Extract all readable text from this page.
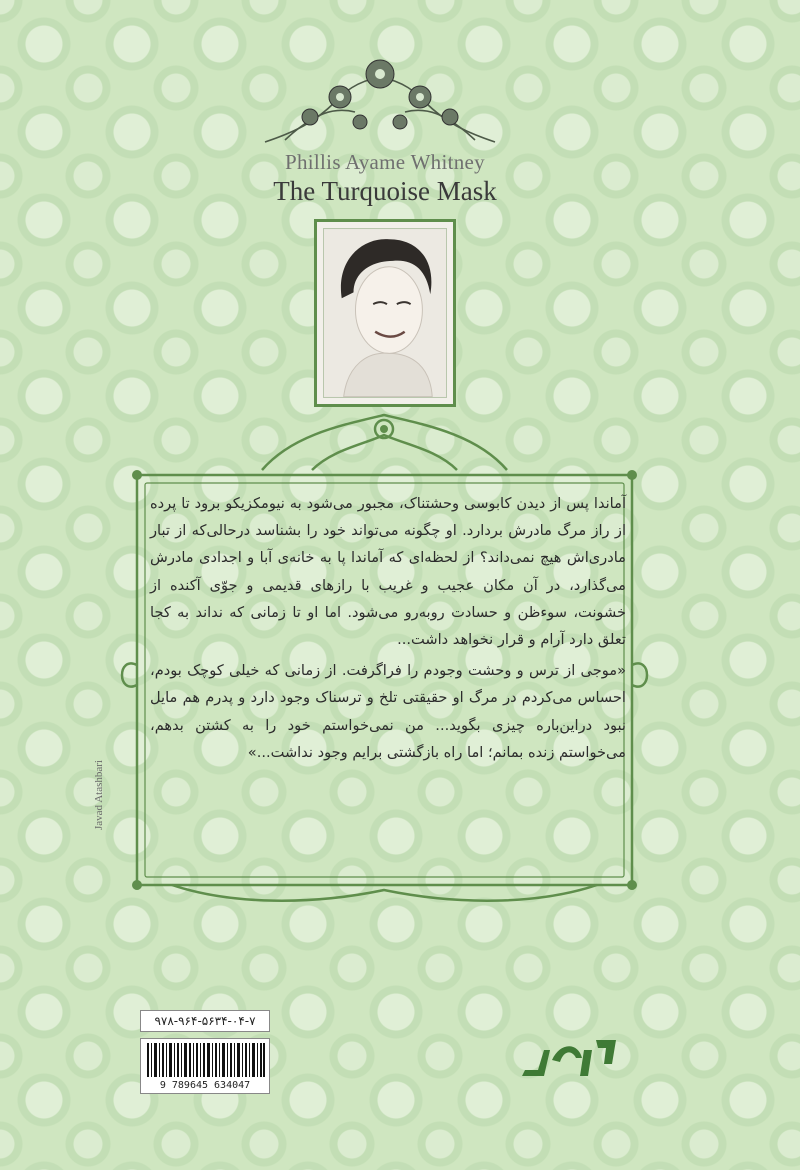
Phillis Ayame Whitney
The Turquoise Mask

آماندا پس از دیدن کابوسی وحشتناک، مجبور می‌شود به نیومکزیکو برود تا پرده از راز مرگ مادرش بردارد. او چگونه می‌تواند خود را بشناسد درحالی‌که از تبار مادری‌اش هیچ نمی‌داند؟ از لحظه‌ای که آماندا پا به خانه‌ی آبا و اجدادی مادرش می‌گذارد، در آن مکان عجیب و غریب با رازهای قدیمی و جوّی آکنده از خشونت، سوءظن و حسادت روبه‌رو می‌شود. اما او تا زمانی که نداند به کجا تعلق دارد آرام و قرار نخواهد داشت...

«موجی از ترس و وحشت وجودم را فراگرفت. از زمانی که خیلی کوچک بودم، احساس می‌کردم در مرگ او حقیقتی تلخ و ترسناک وجود دارد و پدرم هم مایل نبود دراین‌باره چیزی بگوید... من نمی‌خواستم خود را به کشتن بدهم، می‌خواستم زنده بمانم؛ اما راه بازگشتی برایم وجود نداشت...»

Javad Atashbari
۹۷۸-۹۶۴-۵۶۳۴-۰۴-۷
9 789645 634047
